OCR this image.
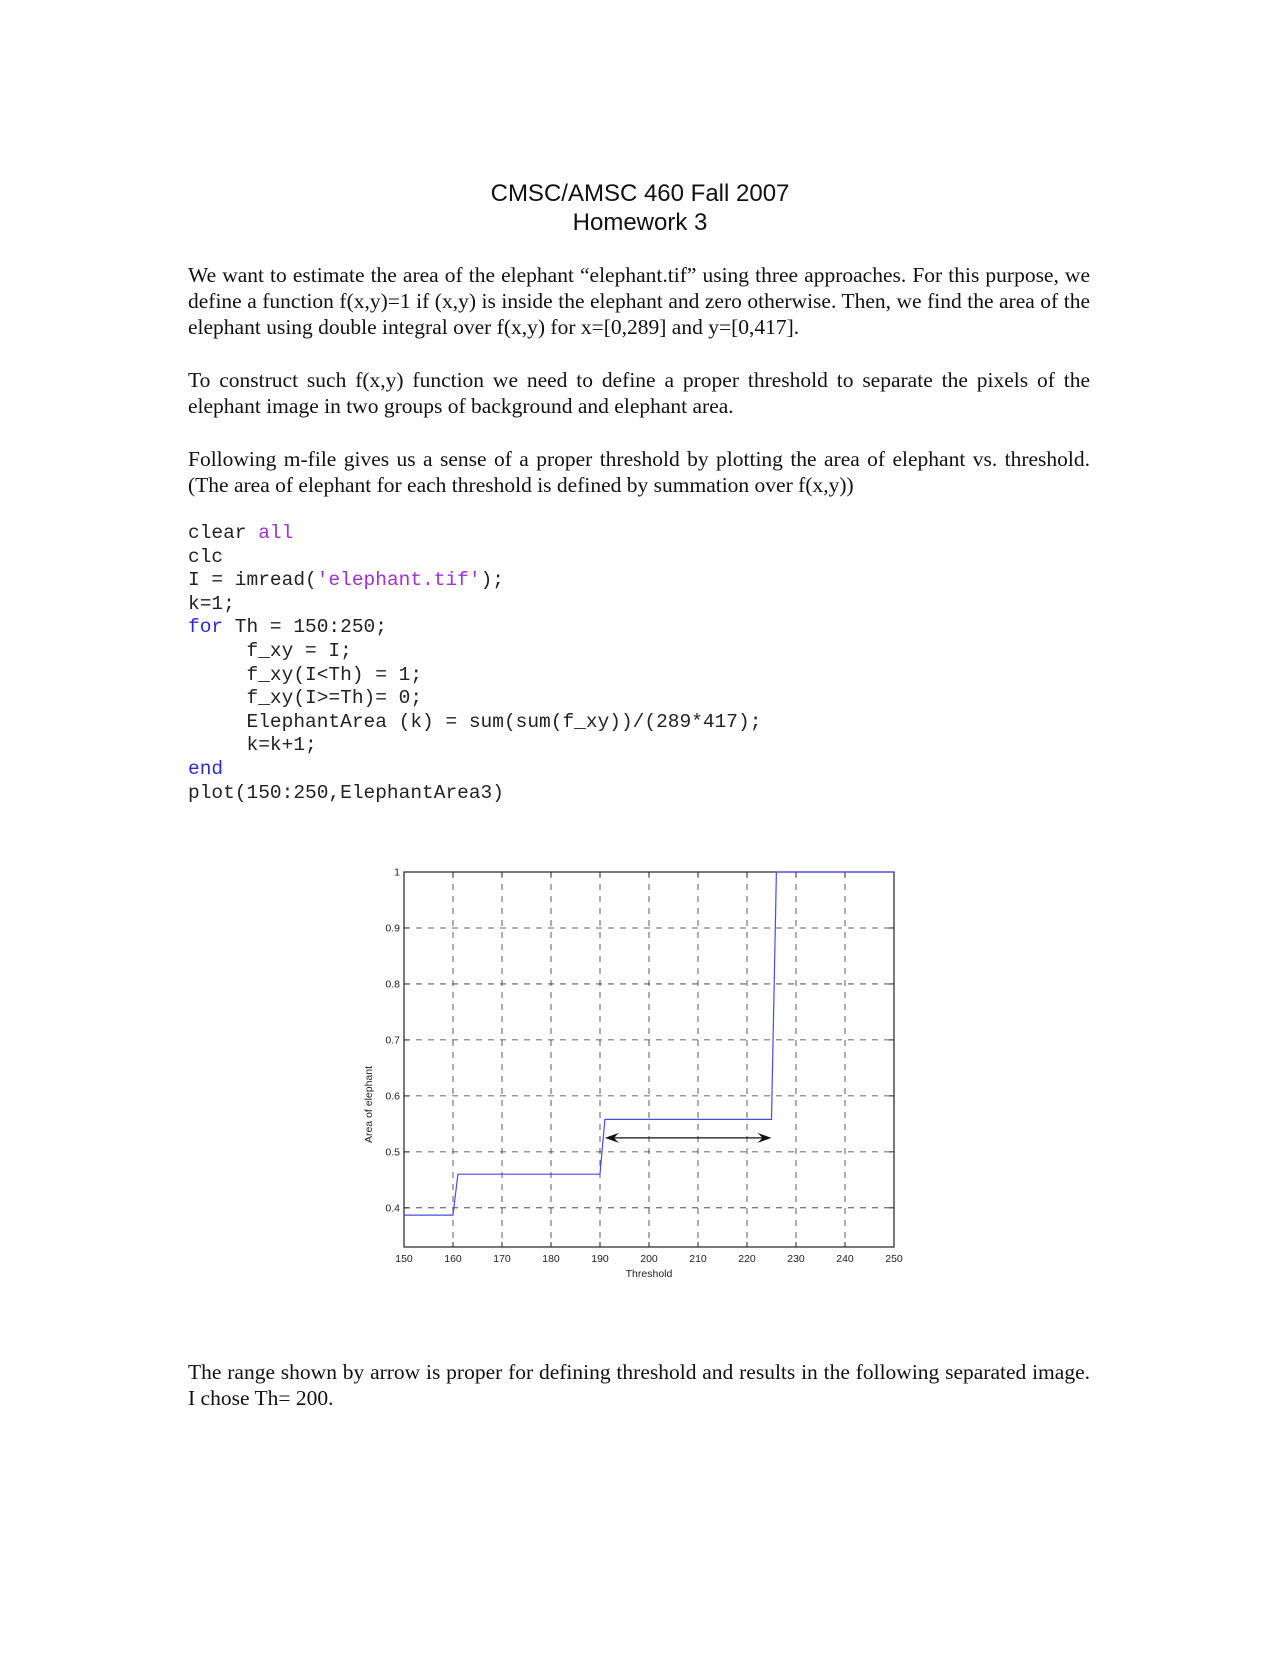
CMSC/AMSC 460 Fall 2007
Homework 3

We want to estimate the area of the elephant “elephant.tif” using three approaches. For this purpose, we define a function f(x,y)=1 if (x,y) is inside the elephant and zero otherwise. Then, we find the area of the elephant using double integral over f(x,y) for x=[0,289] and y=[0,417].

To construct such f(x,y) function we need to define a proper threshold to separate the pixels of the elephant image in two groups of background and elephant area.

Following m-file gives us a sense of a proper threshold by plotting the area of elephant vs. threshold. (The area of elephant for each threshold is defined by summation over f(x,y))

clear all
clc
I = imread('elephant.tif');
k=1;
for Th = 150:250;
f_xy = I;
f_xy(I<Th) = 1;
f_xy(I>=Th)= 0;
ElephantArea (k) = sum(sum(f_xy))/(289*417);
k=k+1;
end
plot(150:250,ElephantArea3)
150	160	170	180	190	200	210	220	230	240	250
0.4
0.5
0.6
0.7
0.8
0.9
1
Threshold
Area of elephant

The range shown by arrow is proper for defining threshold and results in the following separated image. I chose Th= 200.
